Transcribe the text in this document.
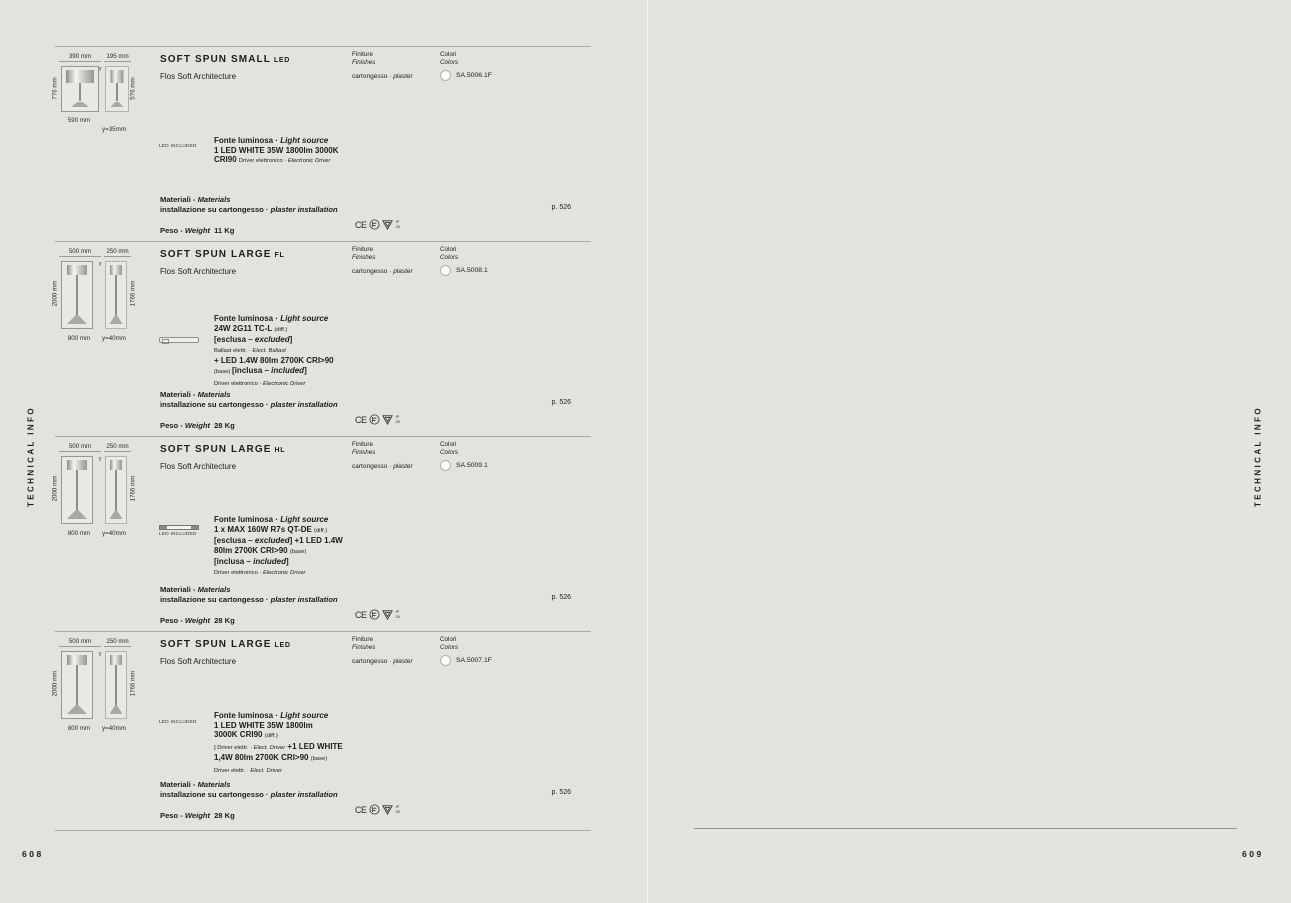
TECHNICAL INFO	TECHNICAL INFO
608	609
390 mm	195 mm
776 mm	576 mm
590 mm
y=35mm
y
SOFT SPUN SMALL LED
Flos Soft Architecture
Finiture
Finishes
Colori
Colors
cartongesso · plaster	SA.5006.1F
LED INCLUDED
Fonte luminosa · Light source
1 LED WHITE 35W 1800lm 3000K
CRI90 Driver elettronico · Electronic Driver
Materiali - Materials
installazione su cartongesso · plaster installation	p. 526
Peso - Weight 11 Kg
CE	IP
20
500 mm	250 mm
2000 mm	1766 mm
800 mm	y=40mm
y
SOFT SPUN LARGE FL
Flos Soft Architecture
Finiture
Finishes
Colori
Colors
cartongesso · plaster	SA.5008.1
Fonte luminosa · Light source
24W 2G11 TC-L (diff.)
[esclusa – excluded]
Ballast elettr. · Elect. Ballast
+ LED 1.4W 80lm 2700K CRI>90
(base) [inclusa – included]
Driver elettronico · Electronic Driver
Materiali - Materials
installazione su cartongesso · plaster installation	p. 526
Peso - Weight 28 Kg
CE	IP
20
500 mm	250 mm
2000 mm	1766 mm
800 mm	y=40mm
y
SOFT SPUN LARGE HL
Flos Soft Architecture
Finiture
Finishes
Colori
Colors
cartongesso · plaster	SA.5009.1
LED INCLUDED
Fonte luminosa · Light source
1 x MAX 160W R7s QT-DE (diff.)
[esclusa – excluded] +1 LED 1.4W
80lm 2700K CRI>90 (base)
[inclusa – included]
Driver elettronico · Electronic Driver
Materiali - Materials
installazione su cartongesso · plaster installation	p. 526
Peso - Weight 28 Kg
CE	IP
20
500 mm	250 mm
2000 mm	1766 mm
800 mm	y=40mm
y
SOFT SPUN LARGE LED
Flos Soft Architecture
Finiture
Finishes
Colori
Colors
cartongesso · plaster	SA.5007.1F
LED INCLUDED
Fonte luminosa · Light source
1 LED WHITE 35W 1800lm
3000K CRI90 (diff.)
] Driver elettr. · Elect. Driver +1 LED WHITE
1,4W 80lm 2700K CRI>90 (base)
Driver elettr. · Elect. Driver
Materiali - Materials
installazione su cartongesso · plaster installation	p. 526
Peso - Weight 28 Kg
CE	IP
20
